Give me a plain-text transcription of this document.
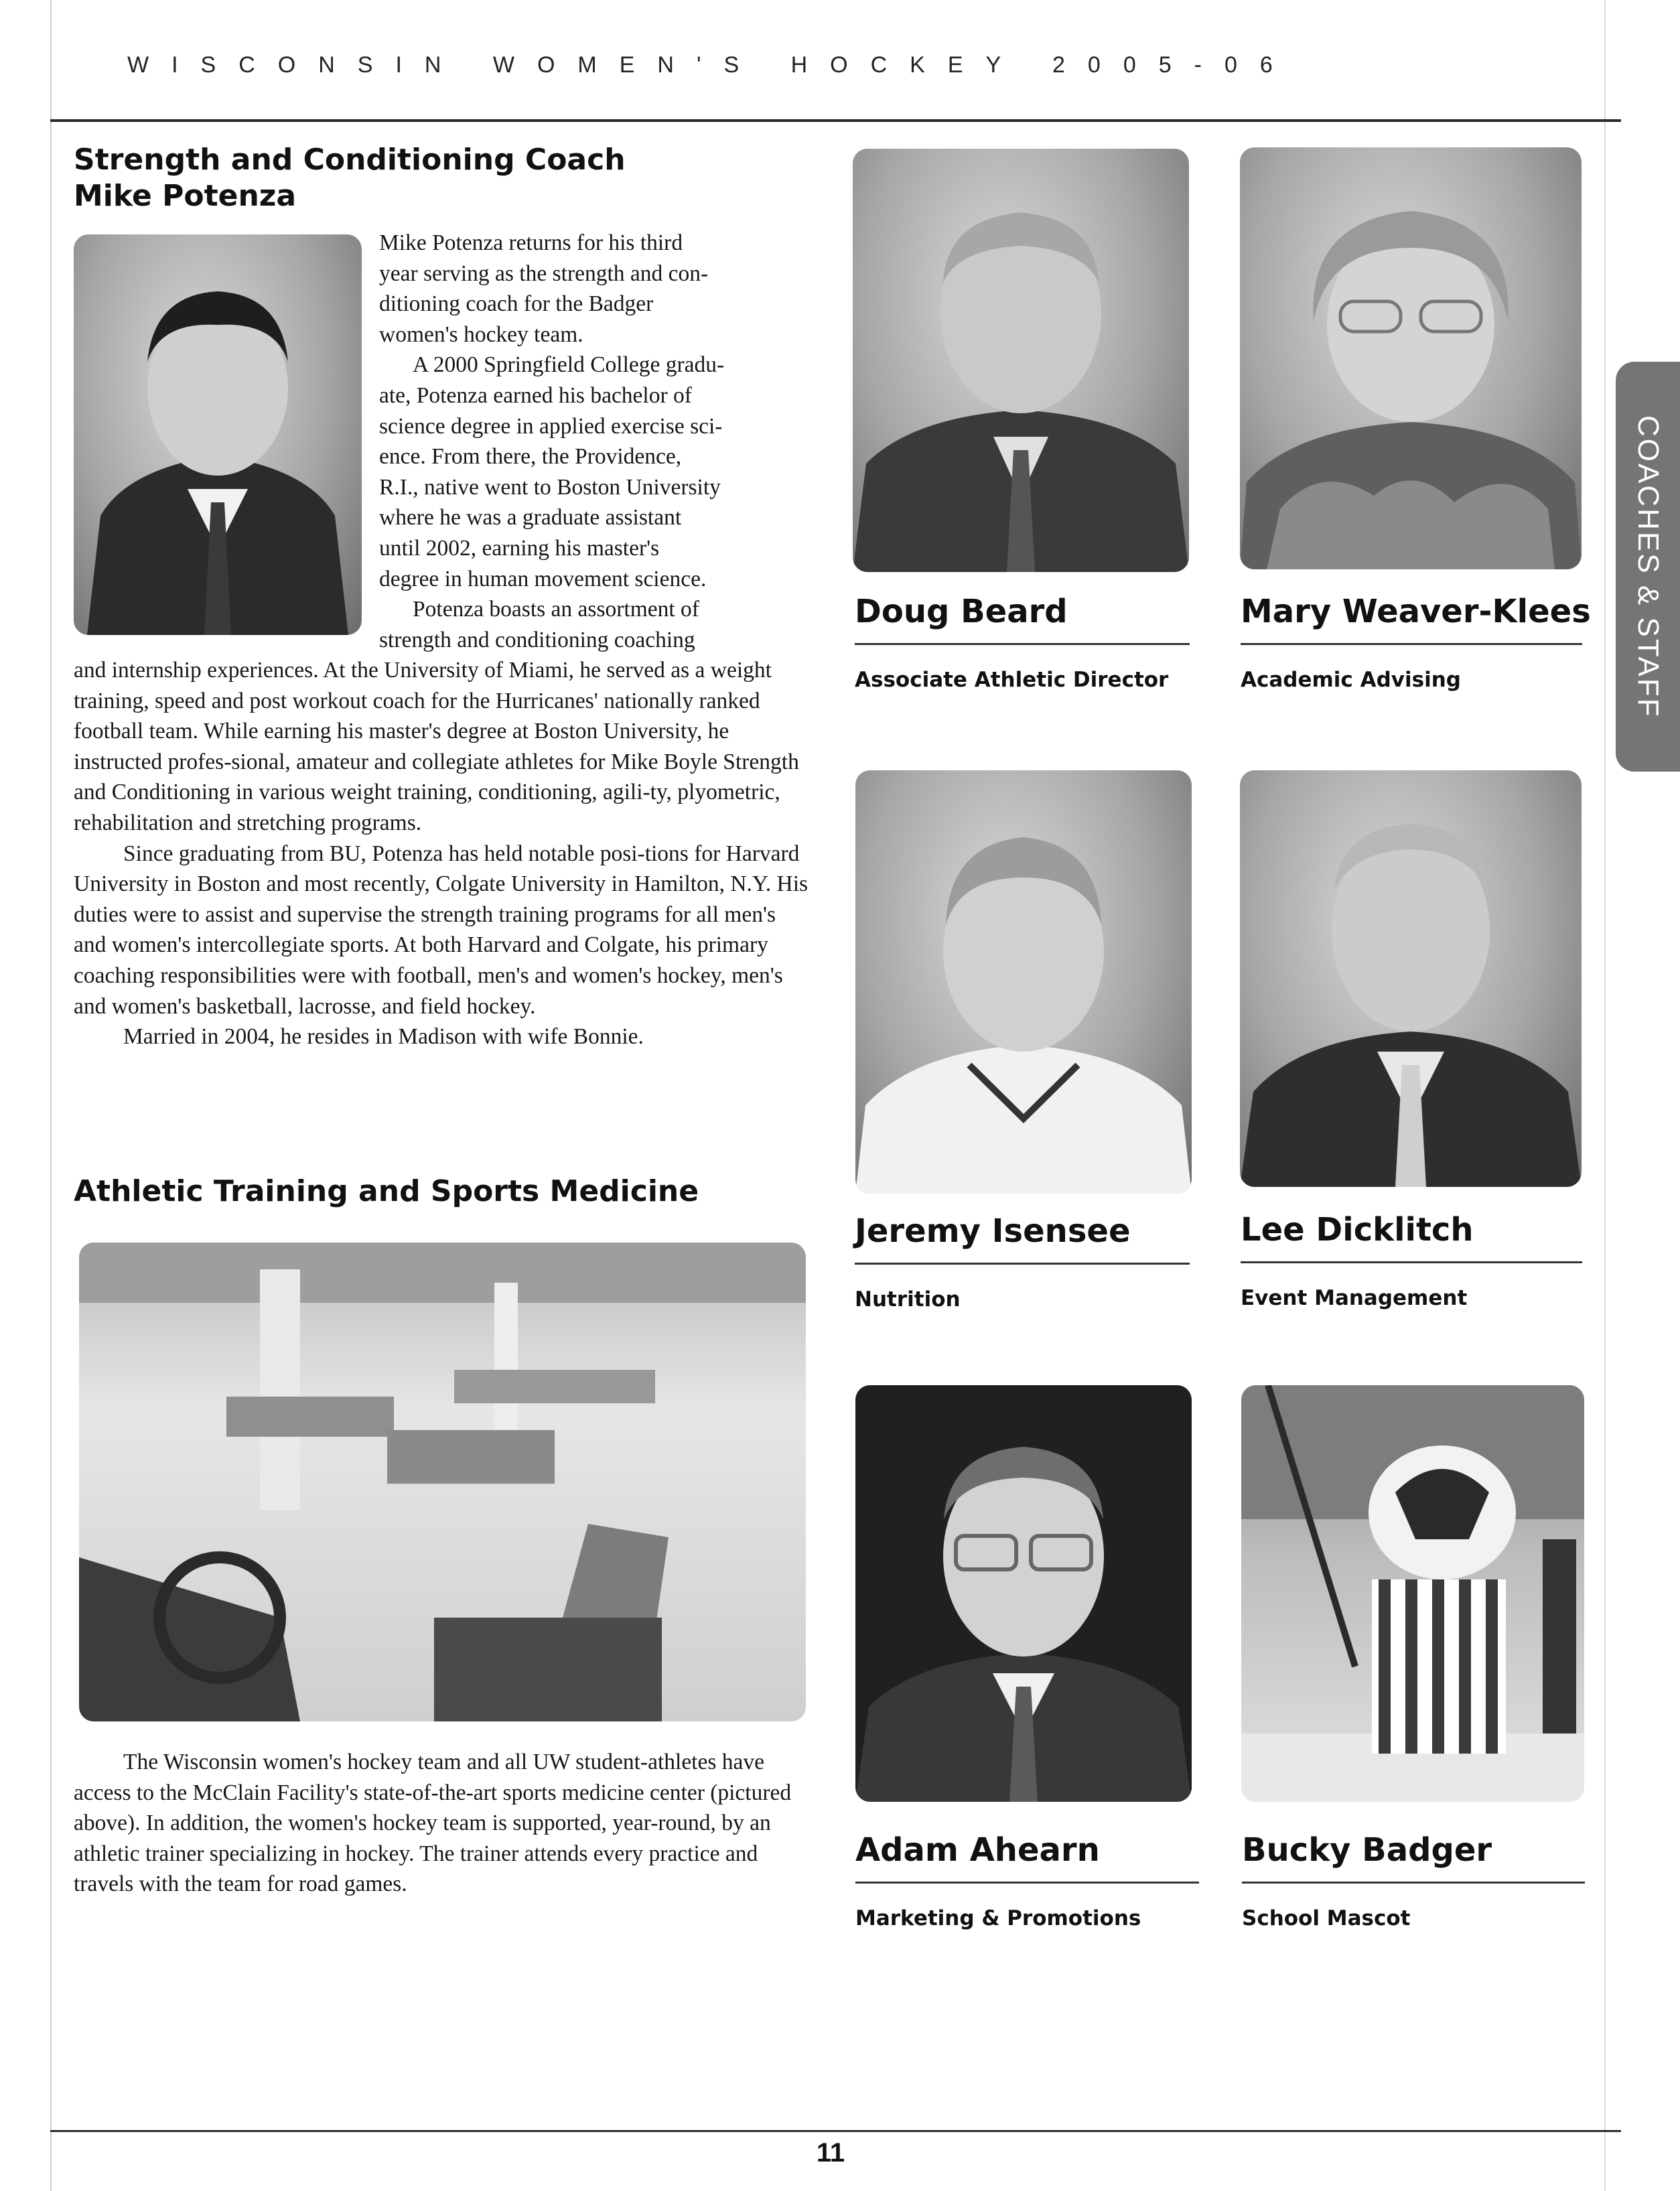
WISCONSIN WOMEN'S HOCKEY 2005-06
COACHES & STAFF
Strength and Conditioning Coach
Mike Potenza
Mike Potenza returns for his third
year serving as the strength and con-
ditioning coach for the Badger
women's hockey team.
A 2000 Springfield College gradu-
ate, Potenza earned his bachelor of
science degree in applied exercise sci-
ence. From there, the Providence,
R.I., native went to Boston University
where he was a graduate assistant
until 2002, earning his master's
degree in human movement science.
Potenza boasts an assortment of
strength and conditioning coaching

and internship experiences. At the University of Miami, he served as a weight training, speed and post workout coach for the Hurricanes' nationally ranked football team. While earning his master's degree at Boston University, he instructed profes-sional, amateur and collegiate athletes for Mike Boyle Strength and Conditioning in various weight training, conditioning, agili-ty, plyometric, rehabilitation and stretching programs.

Since graduating from BU, Potenza has held notable posi-tions for Harvard University in Boston and most recently, Colgate University in Hamilton, N.Y. His duties were to assist and supervise the strength training programs for all men's and women's intercollegiate sports. At both Harvard and Colgate, his primary coaching responsibilities were with football, men's and women's hockey, men's and women's basketball, lacrosse, and field hockey.

Married in 2004, he resides in Madison with wife Bonnie.

Athletic Training and Sports Medicine

The Wisconsin women's hockey team and all UW student-athletes have access to the McClain Facility's state-of-the-art sports medicine center (pictured above). In addition, the women's hockey team is supported, year-round, by an athletic trainer specializing in hockey. The trainer attends every practice and travels with the team for road games.

Doug Beard
Associate Athletic Director
Mary Weaver-Klees
Academic Advising
Jeremy Isensee
Nutrition
Lee Dicklitch
Event Management
Adam Ahearn
Marketing & Promotions
Bucky Badger
School Mascot
11
